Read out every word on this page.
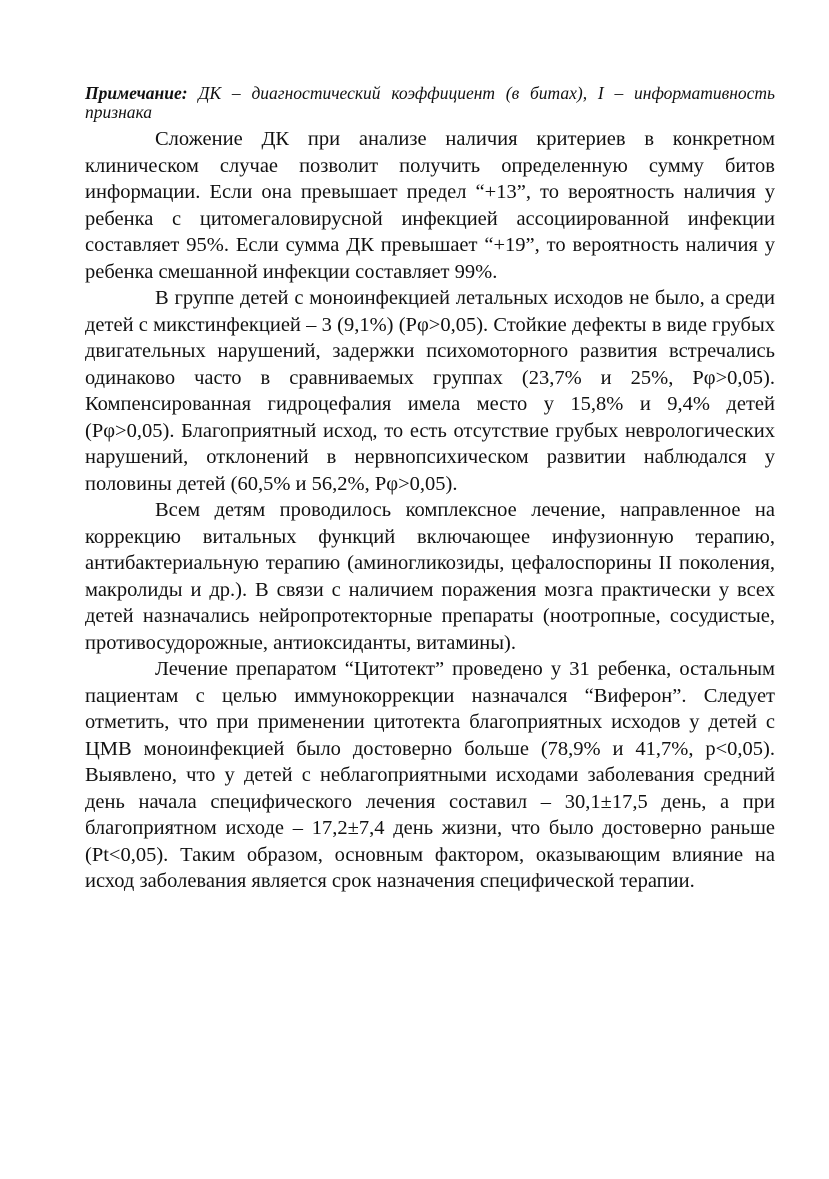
Примечание: ДК – диагностический коэффициент (в битах), I – информативность признака

Сложение ДК при анализе наличия критериев в конкретном клиническом случае позволит получить определенную сумму битов информации. Если она превышает предел “+13”, то вероятность наличия у ребенка с цитомегаловирусной инфекцией ассоциированной инфекции составляет 95%. Если сумма ДК превышает “+19”, то вероятность наличия у ребенка смешанной инфекции составляет 99%.

В группе детей с моноинфекцией летальных исходов не было, а среди детей с микстинфекцией – 3 (9,1%) (Рφ>0,05). Стойкие дефекты в виде грубых двигательных нарушений, задержки психомоторного развития встречались одинаково часто в сравниваемых группах (23,7% и 25%, Рφ>0,05). Компенсированная гидроцефалия имела место у 15,8% и 9,4% детей (Рφ>0,05). Благоприятный исход, то есть отсутствие грубых неврологических нарушений, отклонений в нервнопсихическом развитии наблюдался у половины детей (60,5% и 56,2%, Рφ>0,05).

Всем детям проводилось комплексное лечение, направленное на коррекцию витальных функций включающее инфузионную терапию, антибактериальную терапию (аминогликозиды, цефалоспорины II поколения, макролиды и др.). В связи с наличием поражения мозга практически у всех детей назначались нейропротекторные препараты (ноотропные, сосудистые, противосудорожные, антиоксиданты, витамины).

Лечение препаратом “Цитотект” проведено у 31 ребенка, остальным пациентам с целью иммунокоррекции назначался “Виферон”. Следует отметить, что при применении цитотекта благоприятных исходов у детей с ЦМВ моноинфекцией было достоверно больше (78,9% и 41,7%, р<0,05). Выявлено, что у детей с неблагоприятными исходами заболевания средний день начала специфического лечения составил – 30,1±17,5 день, а при благоприятном исходе – 17,2±7,4 день жизни, что было достоверно раньше (Pt<0,05). Таким образом, основным фактором, оказывающим влияние на исход заболевания является срок назначения специфической терапии.
